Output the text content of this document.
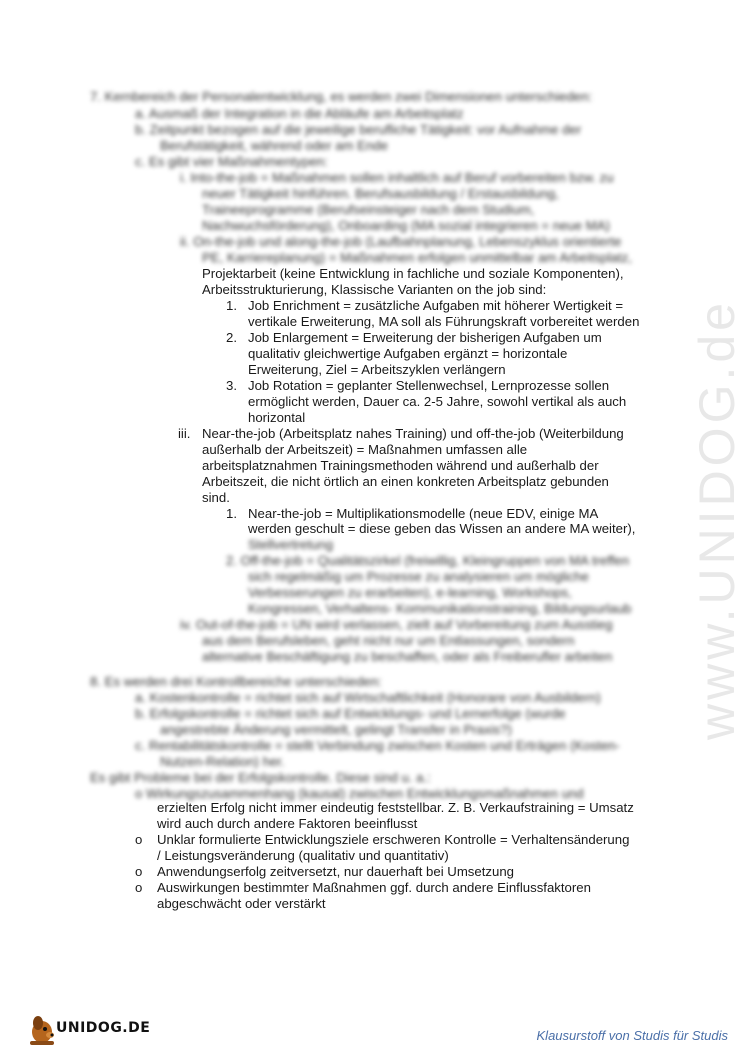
www.UNIDOG.de
7. Kernbereich der Personalentwicklung, es werden zwei Dimensionen unterschieden:
a. Ausmaß der Integration in die Abläufe am Arbeitsplatz
b. Zeitpunkt bezogen auf die jeweilige berufliche Tätigkeit: vor Aufnahme der
Berufstätigkeit, während oder am Ende
c. Es gibt vier Maßnahmentypen:
i. Into-the-job = Maßnahmen sollen inhaltlich auf Beruf vorbereiten bzw. zu
neuer Tätigkeit hinführen. Berufsausbildung / Erstausbildung,
Traineeprogramme (Berufseinsteiger nach dem Studium,
Nachwuchsförderung), Onboarding (MA sozial integrieren = neue MA)
ii. On-the-job und along-the-job (Laufbahnplanung, Lebenszyklus orientierte
PE, Karriereplanung) = Maßnahmen erfolgen unmittelbar am Arbeitsplatz,
Projektarbeit (keine Entwicklung in fachliche und soziale Komponenten),
Arbeitsstrukturierung, Klassische Varianten on the job sind:
1. Job Enrichment = zusätzliche Aufgaben mit höherer Wertigkeit =
vertikale Erweiterung, MA soll als Führungskraft vorbereitet werden
2. Job Enlargement = Erweiterung der bisherigen Aufgaben um
qualitativ gleichwertige Aufgaben ergänzt = horizontale
Erweiterung, Ziel = Arbeitszyklen verlängern
3. Job Rotation = geplanter Stellenwechsel, Lernprozesse sollen
ermöglicht werden, Dauer ca. 2-5 Jahre, sowohl vertikal als auch
horizontal
iii. Near-the-job (Arbeitsplatz nahes Training) und off-the-job (Weiterbildung
außerhalb der Arbeitszeit) = Maßnahmen umfassen alle
arbeitsplatznahmen Trainingsmethoden während und außerhalb der
Arbeitszeit, die nicht örtlich an einen konkreten Arbeitsplatz gebunden
sind.
1. Near-the-job = Multiplikationsmodelle (neue EDV, einige MA
werden geschult = diese geben das Wissen an andere MA weiter),
Stellvertretung
2. Off-the-job = Qualitätszirkel (freiwillig, Kleingruppen von MA treffen
sich regelmäßig um Prozesse zu analysieren um mögliche
Verbesserungen zu erarbeiten), e-learning, Workshops,
Kongressen, Verhaltens- Kommunikationstraining, Bildungsurlaub
iv. Out-of-the-job = UN wird verlassen, zielt auf Vorbereitung zum Ausstieg
aus dem Berufsleben, geht nicht nur um Entlassungen, sondern
alternative Beschäftigung zu beschaffen, oder als Freiberufler arbeiten
8. Es werden drei Kontrollbereiche unterschieden:
a. Kostenkontrolle = richtet sich auf Wirtschaftlichkeit (Honorare von Ausbildern)
b. Erfolgskontrolle = richtet sich auf Entwicklungs- und Lernerfolge (wurde
angestrebte Änderung vermittelt, gelingt Transfer in Praxis?)
c. Rentabilitätskontrolle = stellt Verbindung zwischen Kosten und Erträgen (Kosten-
Nutzen-Relation) her.
Es gibt Probleme bei der Erfolgskontrolle. Diese sind u. a.:
o Wirkungszusammenhang (kausal) zwischen Entwicklungsmaßnahmen und
erzielten Erfolg nicht immer eindeutig feststellbar. Z. B. Verkaufstraining = Umsatz
wird auch durch andere Faktoren beeinflusst
o Unklar formulierte Entwicklungsziele erschweren Kontrolle = Verhaltensänderung
/ Leistungsveränderung (qualitativ und quantitativ)
o Anwendungserfolg zeitversetzt, nur dauerhaft bei Umsetzung
o Auswirkungen bestimmter Maßnahmen ggf. durch andere Einflussfaktoren
abgeschwächt oder verstärkt
UNIDOG.DE	Klausurstoff von Studis für Studis
